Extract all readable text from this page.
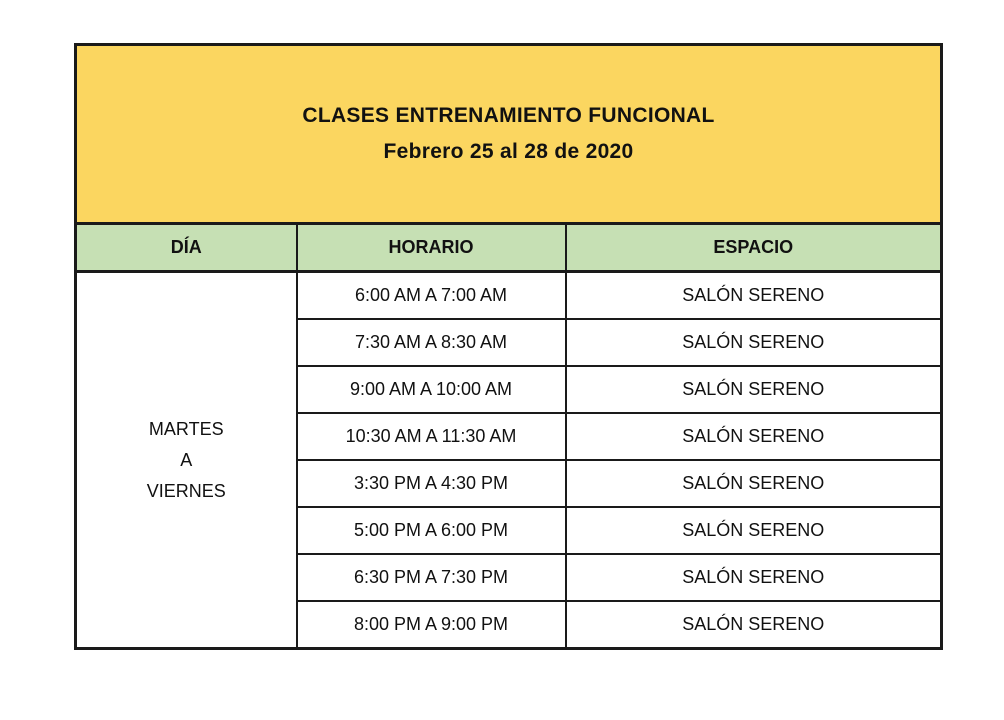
CLASES ENTRENAMIENTO FUNCIONAL
Febrero 25 al 28 de 2020		

DÍA	HORARIO	ESPACIO

MARTES
A
VIERNES	6:00 AM A 7:00 AM	SALÓN SERENO
	7:30 AM A 8:30 AM	SALÓN SERENO
	9:00 AM A 10:00 AM	SALÓN SERENO
	10:30 AM A 11:30 AM	SALÓN SERENO
	3:30 PM A 4:30 PM	SALÓN SERENO
	5:00 PM A 6:00 PM	SALÓN SERENO
	6:30 PM A 7:30 PM	SALÓN SERENO
	8:00 PM A 9:00 PM	SALÓN SERENO
